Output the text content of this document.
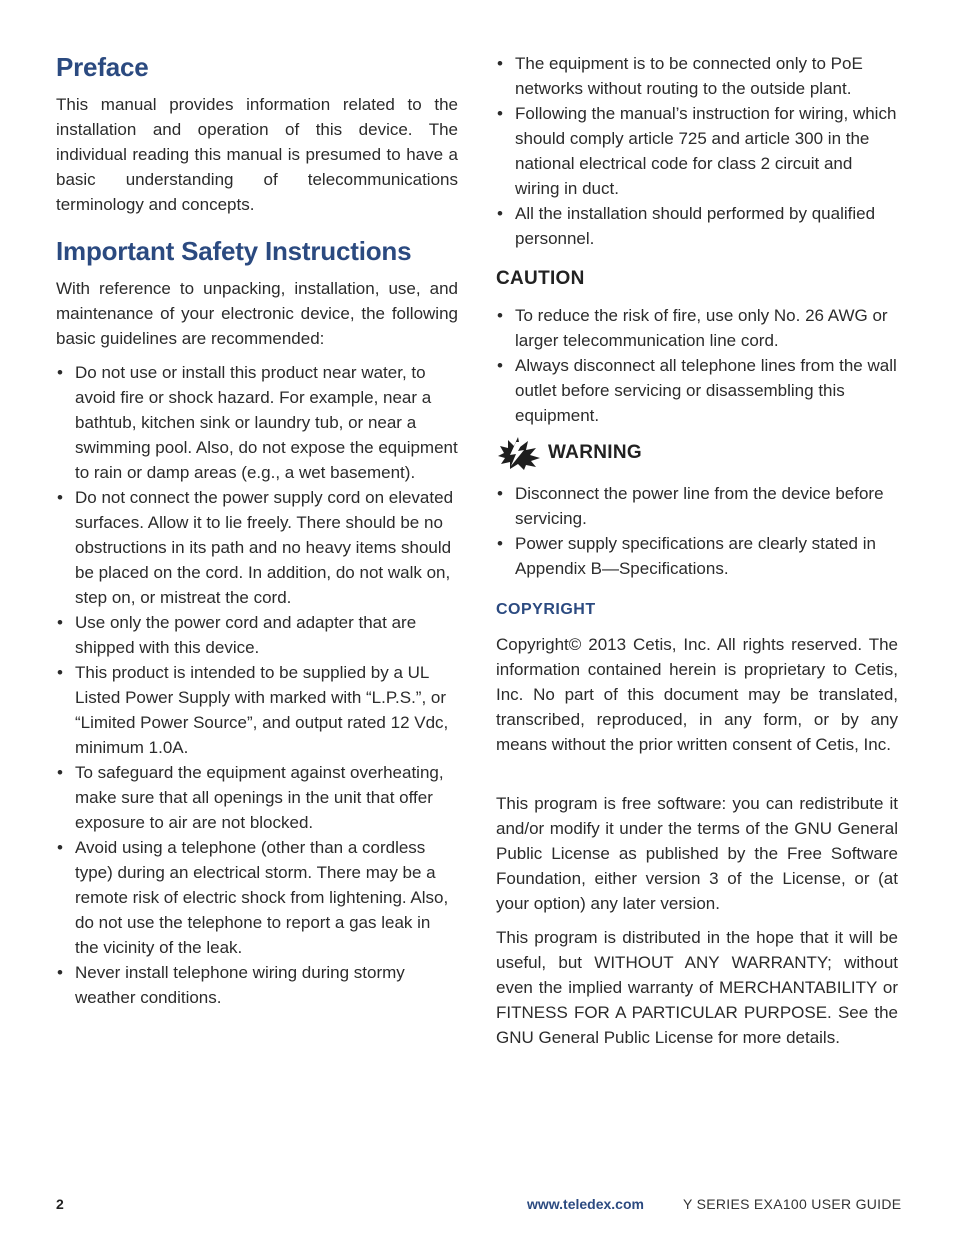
Preface

This manual provides information related to the installation and operation of this device. The individual reading this manual is presumed to have a basic understanding of telecommunications terminology and concepts.

Important Safety Instructions

With reference to unpacking, installation, use, and maintenance of your electronic device, the following basic guidelines are recommended:

• Do not use or install this product near water, to avoid fire or shock hazard. For example, near a bathtub, kitchen sink or laundry tub, or near a swimming pool. Also, do not expose the equipment to rain or damp areas (e.g., a wet basement).
• Do not connect the power supply cord on elevated surfaces. Allow it to lie freely. There should be no obstructions in its path and no heavy items should be placed on the cord. In addition, do not walk on, step on, or mistreat the cord.
• Use only the power cord and adapter that are shipped with this device.
• This product is intended to be supplied by a UL Listed Power Supply with marked with “L.P.S.”, or “Limited Power Source”, and output rated 12 Vdc, minimum 1.0A.
• To safeguard the equipment against overheating, make sure that all openings in the unit that offer exposure to air are not blocked.
• Avoid using a telephone (other than a cordless type) during an electrical storm. There may be a remote risk of electric shock from lightening. Also, do not use the telephone to report a gas leak in the vicinity of the leak.
• Never install telephone wiring during stormy weather conditions.
• The equipment is to be connected only to PoE networks without routing to the outside plant.
• Following the manual’s instruction for wiring, which should comply article 725 and article 300 in the national electrical code for class 2 circuit and wiring in duct.
• All the installation should performed by qualified personnel.
CAUTION
• To reduce the risk of fire, use only No. 26 AWG or larger telecommunication line cord.
• Always disconnect all telephone lines from the wall outlet before servicing or disassembling this equipment.
WARNING
• Disconnect the power line from the device before servicing.
• Power supply specifications are clearly stated in Appendix B—Specifications.
COPYRIGHT

Copyright© 2013 Cetis, Inc. All rights reserved. The information contained herein is proprietary to Cetis, Inc. No part of this document may be translated, transcribed, reproduced, in any form, or by any means without the prior written consent of Cetis, Inc.

This program is free software: you can redistribute it and/or modify it under the terms of the GNU General Public License as published by the Free Software Foundation, either version 3 of the License, or (at your option) any later version.

This program is distributed in the hope that it will be useful, but WITHOUT ANY WARRANTY; without even the implied warranty of MERCHANTABILITY or FITNESS FOR A PARTICULAR PURPOSE. See the GNU General Public License for more details.

2	www.teledex.com	Y SERIES EXA100 USER GUIDE
